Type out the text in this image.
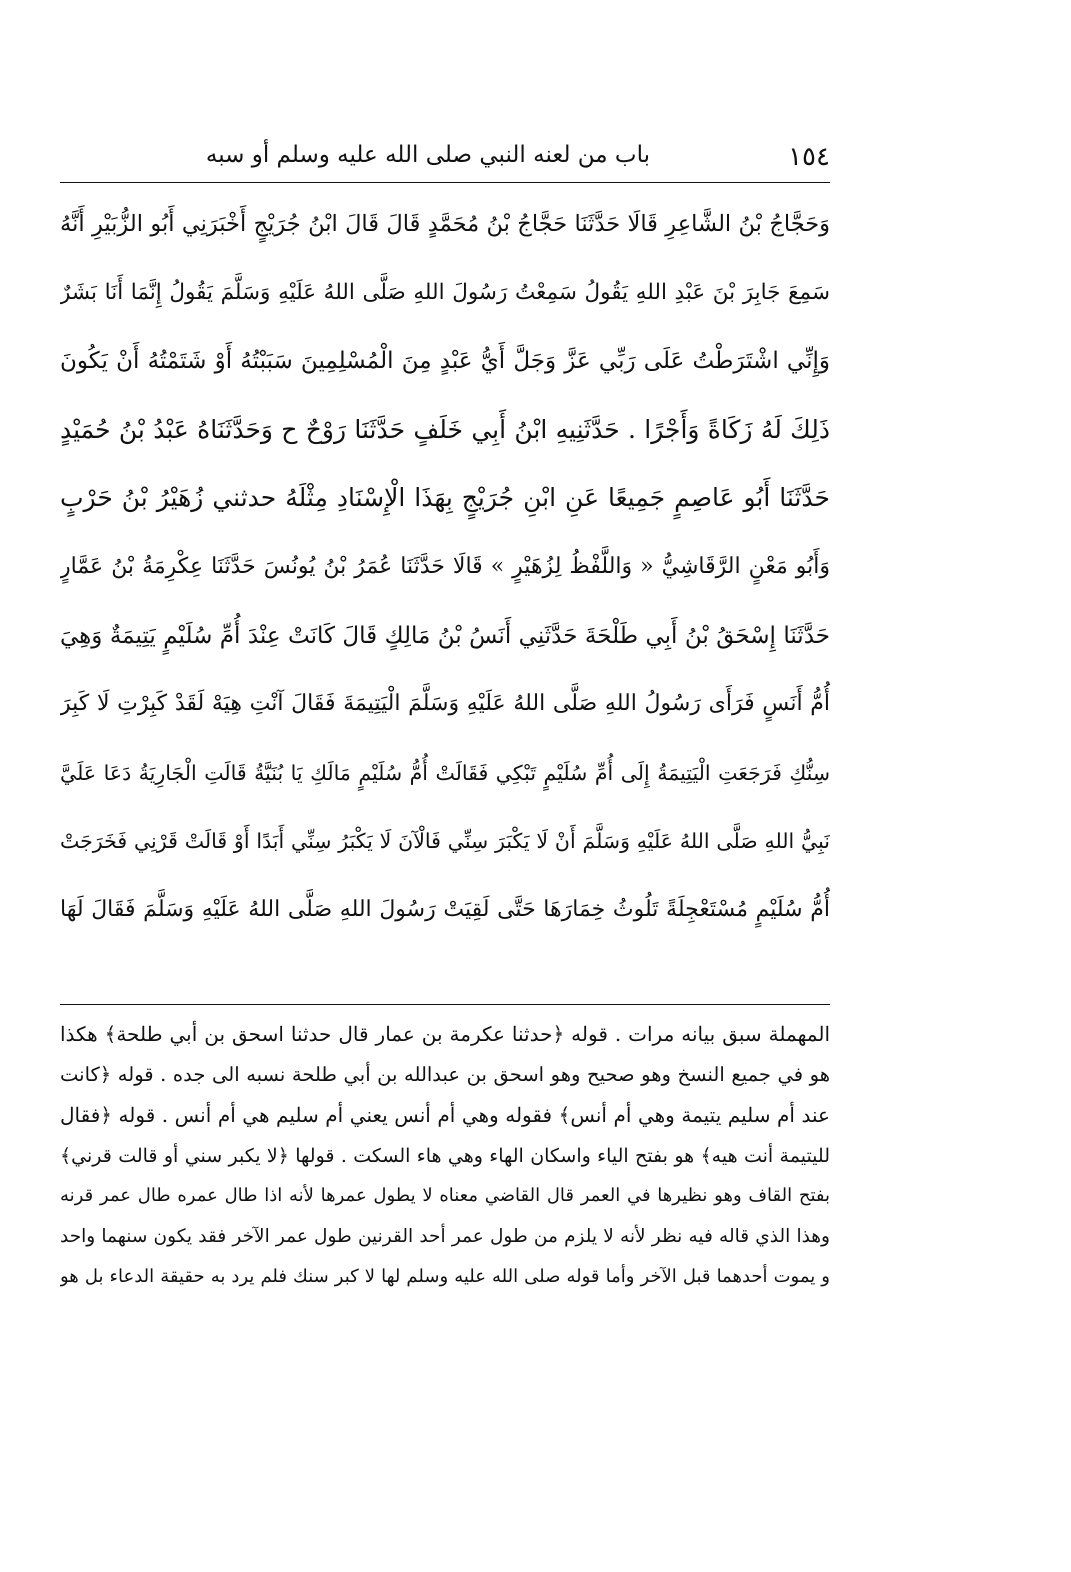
١٥٤
باب من لعنه النبي صلى الله عليه وسلم أو سبه
وَحَجَّاجُ بْنُ الشَّاعِرِ قَالَا حَدَّثَنَا حَجَّاجُ بْنُ مُحَمَّدٍ قَالَ قَالَ ابْنُ جُرَيْجٍ أَخْبَرَنِي أَبُو الزُّبَيْرِ أَنَّهُ
سَمِعَ جَابِرَ بْنَ عَبْدِ اللهِ يَقُولُ سَمِعْتُ رَسُولَ اللهِ صَلَّى اللهُ عَلَيْهِ وَسَلَّمَ يَقُولُ إِنَّمَا أَنَا بَشَرٌ
وَإِنِّي اشْتَرَطْتُ عَلَى رَبِّي عَزَّ وَجَلَّ أَيُّ عَبْدٍ مِنَ الْمُسْلِمِينَ سَبَبْتُهُ أَوْ شَتَمْتُهُ أَنْ يَكُونَ
ذَلِكَ لَهُ زَكَاةً وَأَجْرًا . حَدَّثَنِيهِ ابْنُ أَبِي خَلَفٍ حَدَّثَنَا رَوْحٌ ح وَحَدَّثَنَاهُ عَبْدُ بْنُ حُمَيْدٍ
حَدَّثَنَا أَبُو عَاصِمٍ جَمِيعًا عَنِ ابْنِ جُرَيْجٍ بِهَذَا الْإِسْنَادِ مِثْلَهُ حدثني زُهَيْرُ بْنُ حَرْبٍ
وَأَبُو مَعْنٍ الرَّقَاشِيُّ « وَاللَّفْظُ لِزُهَيْرٍ » قَالَا حَدَّثَنَا عُمَرُ بْنُ يُونُسَ حَدَّثَنَا عِكْرِمَةُ بْنُ عَمَّارٍ
حَدَّثَنَا إِسْحَقُ بْنُ أَبِي طَلْحَةَ حَدَّثَنِي أَنَسُ بْنُ مَالِكٍ قَالَ كَانَتْ عِنْدَ أُمِّ سُلَيْمٍ يَتِيمَةٌ وَهِيَ
أُمُّ أَنَسٍ فَرَأَى رَسُولُ اللهِ صَلَّى اللهُ عَلَيْهِ وَسَلَّمَ الْيَتِيمَةَ فَقَالَ آنْتِ هِيَهْ لَقَدْ كَبِرْتِ لَا كَبِرَ
سِنُّكِ فَرَجَعَتِ الْيَتِيمَةُ إِلَى أُمِّ سُلَيْمٍ تَبْكِي فَقَالَتْ أُمُّ سُلَيْمٍ مَالَكِ يَا بُنَيَّةُ قَالَتِ الْجَارِيَةُ دَعَا عَلَيَّ
نَبِيُّ اللهِ صَلَّى اللهُ عَلَيْهِ وَسَلَّمَ أَنْ لَا يَكْبَرَ سِنِّي فَالْآنَ لَا يَكْبَرُ سِنِّي أَبَدًا أَوْ قَالَتْ قَرْنِي فَخَرَجَتْ
أُمُّ سُلَيْمٍ مُسْتَعْجِلَةً تَلُوثُ خِمَارَهَا حَتَّى لَقِيَتْ رَسُولَ اللهِ صَلَّى اللهُ عَلَيْهِ وَسَلَّمَ فَقَالَ لَهَا
المهملة سبق بيانه مرات . قوله ﴿حدثنا عكرمة بن عمار قال حدثنا اسحق بن أبي طلحة﴾ هكذا
هو في جميع النسخ وهو صحيح وهو اسحق بن عبدالله بن أبي طلحة نسبه الى جده . قوله ﴿كانت
عند أم سليم يتيمة وهي أم أنس﴾ فقوله وهي أم أنس يعني أم سليم هي أم أنس . قوله ﴿فقال
لليتيمة أنت هيه﴾ هو بفتح الياء واسكان الهاء وهي هاء السكت . قولها ﴿لا يكبر سني أو قالت قرني﴾
بفتح القاف وهو نظيرها في العمر قال القاضي معناه لا يطول عمرها لأنه اذا طال عمره طال عمر قرنه
وهذا الذي قاله فيه نظر لأنه لا يلزم من طول عمر أحد القرنين طول عمر الآخر فقد يكون سنهما واحد
و يموت أحدهما قبل الآخر وأما قوله صلى الله عليه وسلم لها لا كبر سنك فلم يرد به حقيقة الدعاء بل هو
